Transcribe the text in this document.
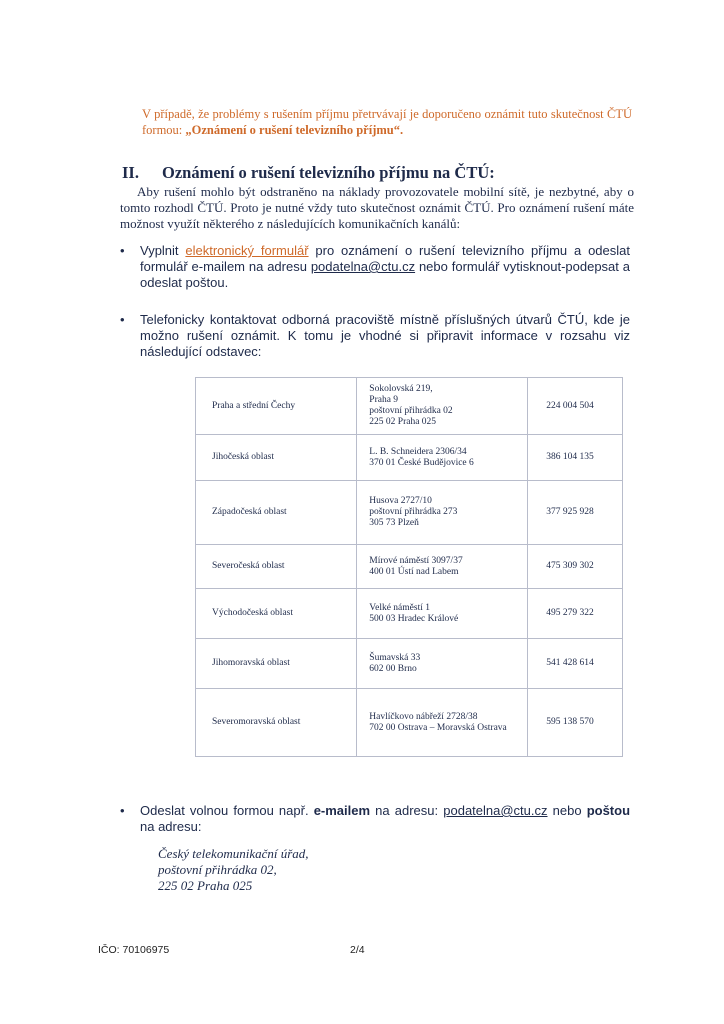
V případě, že problémy s rušením příjmu přetrvávají je doporučeno oznámit tuto skutečnost ČTÚ formou: „Oznámení o rušení televizního příjmu“.
II. Oznámení o rušení televizního příjmu na ČTÚ:
Aby rušení mohlo být odstraněno na náklady provozovatele mobilní sítě, je nezbytné, aby o tomto rozhodl ČTÚ. Proto je nutné vždy tuto skutečnost oznámit ČTÚ. Pro oznámení rušení máte možnost využít některého z následujících komunikačních kanálů:
• Vyplnit elektronický formulář pro oznámení o rušení televizního příjmu a odeslat formulář e-mailem na adresu podatelna@ctu.cz nebo formulář vytisknout-podepsat a odeslat poštou.
• Telefonicky kontaktovat odborná pracoviště místně příslušných útvarů ČTÚ, kde je možno rušení oznámit. K tomu je vhodné si připravit informace v rozsahu viz následující odstavec:
Praha a střední Čechy	Sokolovská 219,
Praha 9
poštovní přihrádka 02
225 02 Praha 025	224 004 504
Jihočeská oblast	L. B. Schneidera 2306/34
370 01 České Budějovice 6	386 104 135
Západočeská oblast	Husova 2727/10
poštovní přihrádka 273
305 73 Plzeň	377 925 928
Severočeská oblast	Mírové náměstí 3097/37
400 01 Ústí nad Labem	475 309 302
Východočeská oblast	Velké náměstí 1
500 03 Hradec Králové	495 279 322
Jihomoravská oblast	Šumavská 33
602 00 Brno	541 428 614
Severomoravská oblast	Havlíčkovo nábřeží 2728/38
702 00 Ostrava – Moravská Ostrava	595 138 570
• Odeslat volnou formou např. e-mailem na adresu: podatelna@ctu.cz nebo poštou na adresu:
Český telekomunikační úřad,
poštovní přihrádka 02,
225 02 Praha 025
IČO: 70106975	2/4
